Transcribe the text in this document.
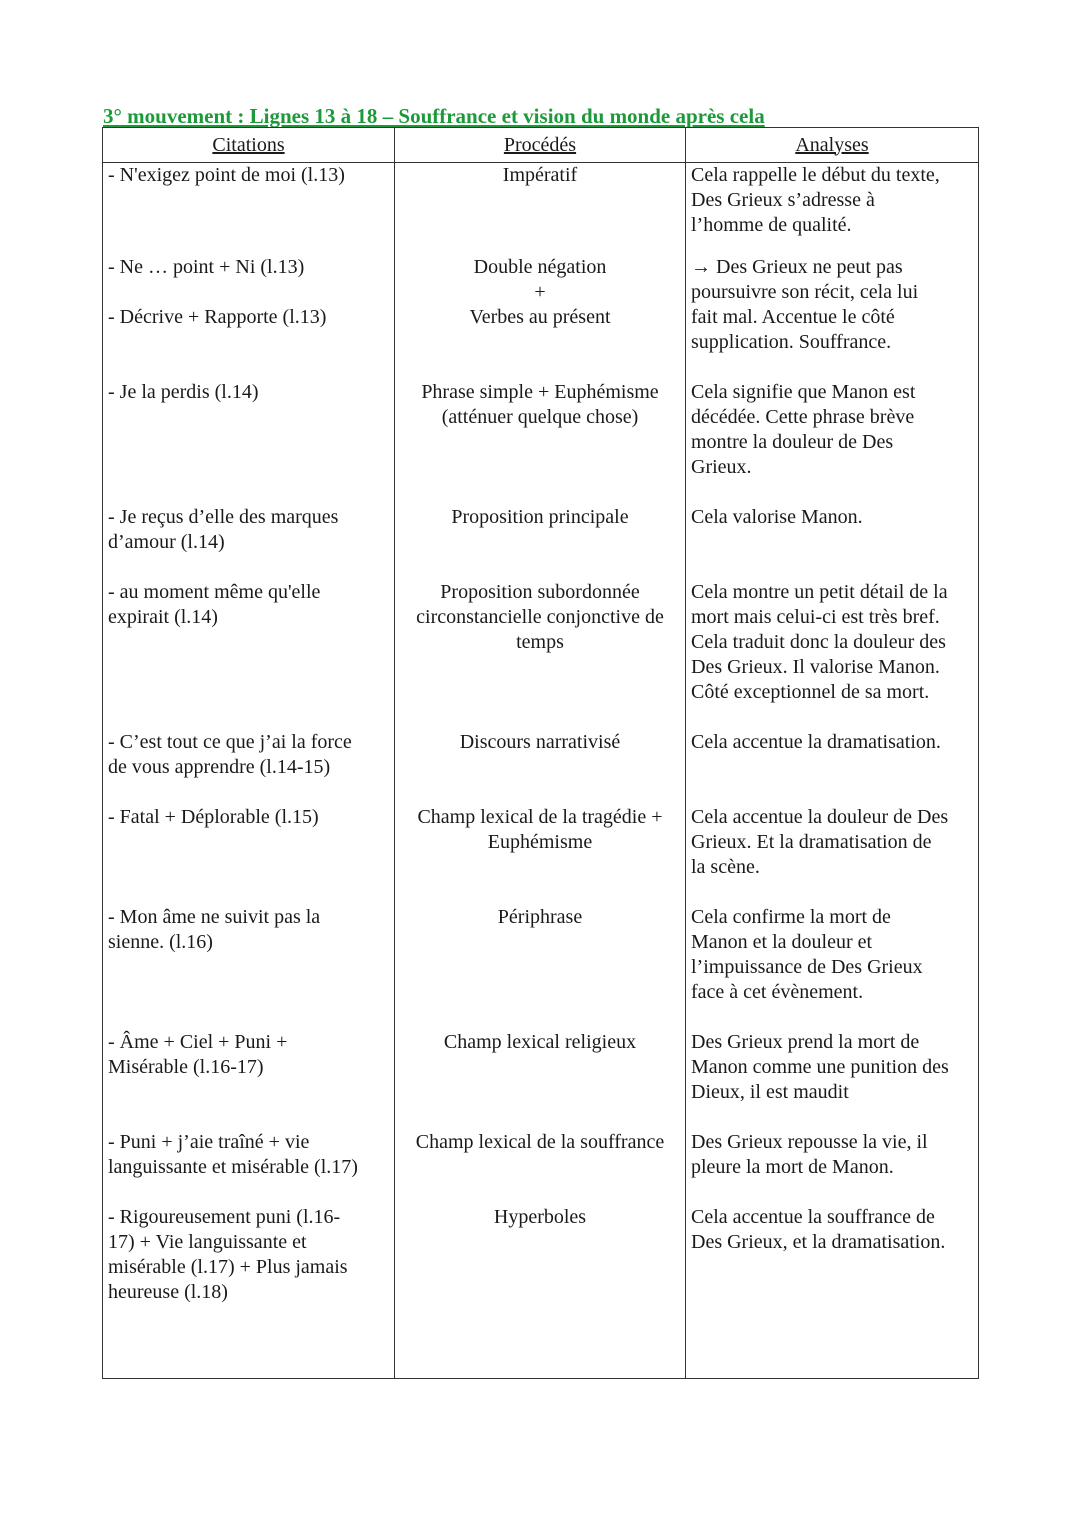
3° mouvement : Lignes 13 à 18 – Souffrance et vision du monde après cela
Citations	Procédés	Analyses

- N'exigez point de moi (l.13)	Impératif	Cela rappelle le début du texte,
Des Grieux s’adresse à
l’homme de qualité.

- Ne … point + Ni (l.13)
- Décrive + Rapporte (l.13)	Double négation
+
Verbes au présent	→ Des Grieux ne peut pas
poursuivre son récit, cela lui
fait mal. Accentue le côté
supplication. Souffrance.

- Je la perdis (l.14)	Phrase simple + Euphémisme
(atténuer quelque chose)	Cela signifie que Manon est
décédée. Cette phrase brève
montre la douleur de Des
Grieux.

- Je reçus d’elle des marques
d’amour (l.14)	Proposition principale	Cela valorise Manon.

- au moment même qu'elle
expirait (l.14)	Proposition subordonnée
circonstancielle conjonctive de
temps	Cela montre un petit détail de la
mort mais celui-ci est très bref.
Cela traduit donc la douleur des
Des Grieux. Il valorise Manon.
Côté exceptionnel de sa mort.

- C’est tout ce que j’ai la force
de vous apprendre (l.14-15)	Discours narrativisé	Cela accentue la dramatisation.

- Fatal + Déplorable (l.15)	Champ lexical de la tragédie +
Euphémisme	Cela accentue la douleur de Des
Grieux. Et la dramatisation de
la scène.

- Mon âme ne suivit pas la
sienne. (l.16)	Périphrase	Cela confirme la mort de
Manon et la douleur et
l’impuissance de Des Grieux
face à cet évènement.

- Âme + Ciel + Puni +
Misérable (l.16-17)	Champ lexical religieux	Des Grieux prend la mort de
Manon comme une punition des
Dieux, il est maudit

- Puni + j’aie traîné + vie
languissante et misérable (l.17)	Champ lexical de la souffrance	Des Grieux repousse la vie, il
pleure la mort de Manon.

- Rigoureusement puni (l.16-
17) + Vie languissante et
misérable (l.17) + Plus jamais
heureuse (l.18)	Hyperboles	Cela accentue la souffrance de
Des Grieux, et la dramatisation.
